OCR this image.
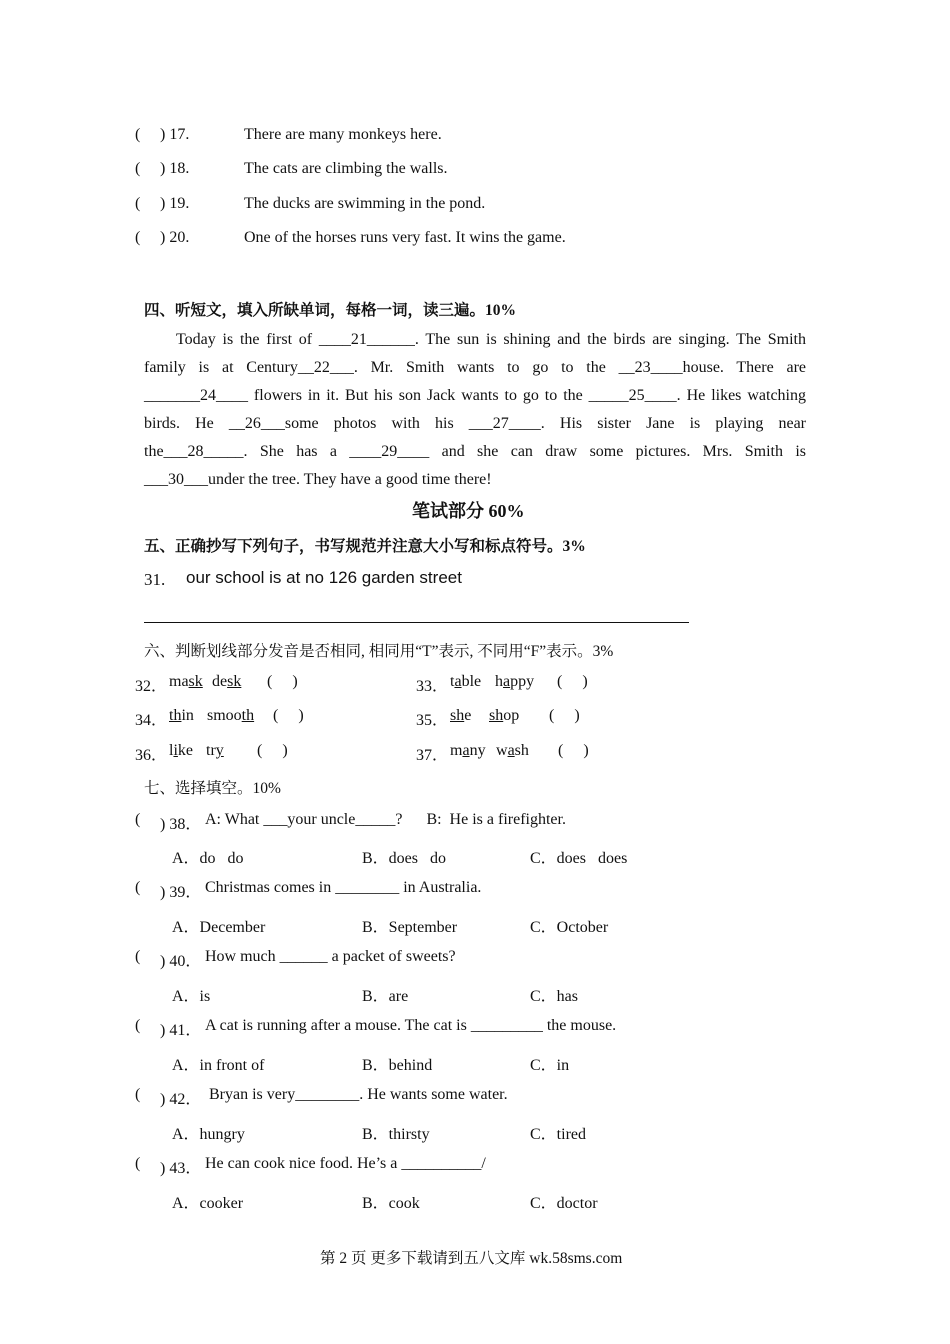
( ) 17.	There are many monkeys here.
( ) 18.	The cats are climbing the walls.
( ) 19.	The ducks are swimming in the pond.
( ) 20.	One of the horses runs very fast. It wins the game.
四、听短文，填入所缺单词，每格一词，读三遍。10%
Today is the first of ____21______. The sun is shining and the birds are singing. The Smith
family is at Century__22___. Mr. Smith wants to go to the __23____house. There are
_______24____ flowers in it. But his son Jack wants to go to the _____25____. He likes watching
birds. He __26___some photos with his ___27____. His sister Jane is playing near
the___28_____. She has a ____29____ and she can draw some pictures. Mrs. Smith is
___30___under the tree. They have a good time there!
笔试部分 60%
五、正确抄写下列句子，书写规范并注意大小写和标点符号。3%
31. our school is at no 126 garden street
六、判断划线部分发音是否相同, 相同用“T”表示, 不同用“F”表示。3%
32． mask desk (     )	33． table happy (     )
34． thin smooth (     )	35． she shop (     )
36． like try (     )	37． many wash (     )
七、选择填空。10%
( ) 38． A: What ___your uncle_____?      B:  He is a firefighter.
A．do   do	B．does   do	C．does   does
( ) 39． Christmas comes in ________ in Australia.
A．December	B．September	C．October
( ) 40． How much ______ a packet of sweets?
A．is	B．are	C．has
( ) 41． A cat is running after a mouse. The cat is _________ the mouse.
A．in front of	B．behind	C．in
( ) 42． Bryan is very________. He wants some water.
A．hungry	B．thirsty	C．tired
( ) 43． He can cook nice food. He’s a __________/
A．cooker	B．cook	C．doctor
第 2 页 更多下载请到五八文库 wk.58sms.com
